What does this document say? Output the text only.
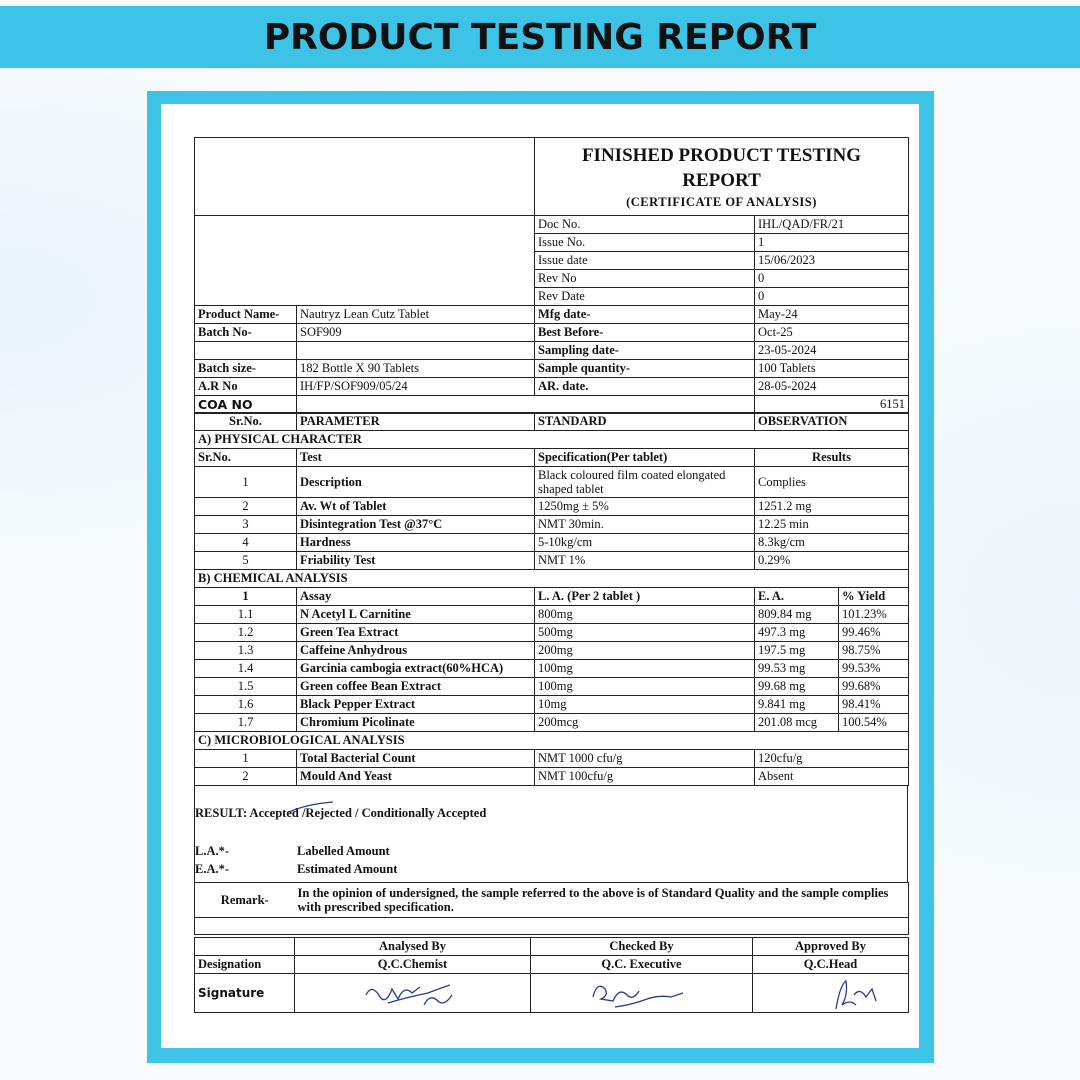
PRODUCT TESTING REPORT

	FINISHED PRODUCT TESTING
REPORT
(CERTIFICATE OF ANALYSIS)	

	Doc No.	IHL/QAD/FR/21
	Issue No.	1
	Issue date	15/06/2023
	Rev No	0
	Rev Date	0
Product Name-	Nautryz Lean Cutz Tablet	Mfg date-	May-24
Batch No-	SOF909	Best Before-	Oct-25
		Sampling date-	23-05-2024
Batch size-	182 Bottle X 90 Tablets	Sample quantity-	100 Tablets
A.R No	IH/FP/SOF909/05/24	AR. date.	28-05-2024
COA NO			6151
Sr.No.	PARAMETER	STANDARD	OBSERVATION	
A) PHYSICAL CHARACTER				
Sr.No.	Test	Specification(Per tablet)	Results	
1	Description	Black coloured film coated elongated shaped tablet	Complies	
2	Av. Wt of Tablet	1250mg ± 5%	1251.2 mg	
3	Disintegration Test @37°C	NMT 30min.	12.25 min	
4	Hardness	5-10kg/cm	8.3kg/cm	
5	Friability Test	NMT 1%	0.29%	
B) CHEMICAL ANALYSIS				
1	Assay	L. A. (Per 2 tablet )	E. A.	% Yield
1.1	N Acetyl L Carnitine	800mg	809.84 mg	101.23%
1.2	Green Tea Extract	500mg	497.3 mg	99.46%
1.3	Caffeine Anhydrous	200mg	197.5 mg	98.75%
1.4	Garcinia cambogia extract(60%HCA)	100mg	99.53 mg	99.53%
1.5	Green coffee Bean Extract	100mg	99.68 mg	99.68%
1.6	Black Pepper Extract	10mg	9.841 mg	98.41%
1.7	Chromium Picolinate	200mcg	201.08 mcg	100.54%
C) MICROBIOLOGICAL ANALYSIS				
1	Total Bacterial Count	NMT 1000 cfu/g	120cfu/g	
2	Mould And Yeast	NMT 100cfu/g	Absent	
RESULT: Accepted /Rejected / Conditionally Accepted
L.A.*-	Labelled Amount
E.A.*-	Estimated Amount
Remark-	In the opinion of undersigned, the sample referred to the above is of Standard Quality and the sample complies with prescribed specification.

	Analysed By	Checked By	Approved By
Designation	Q.C.Chemist	Q.C. Executive	Q.C.Head
Signature	
